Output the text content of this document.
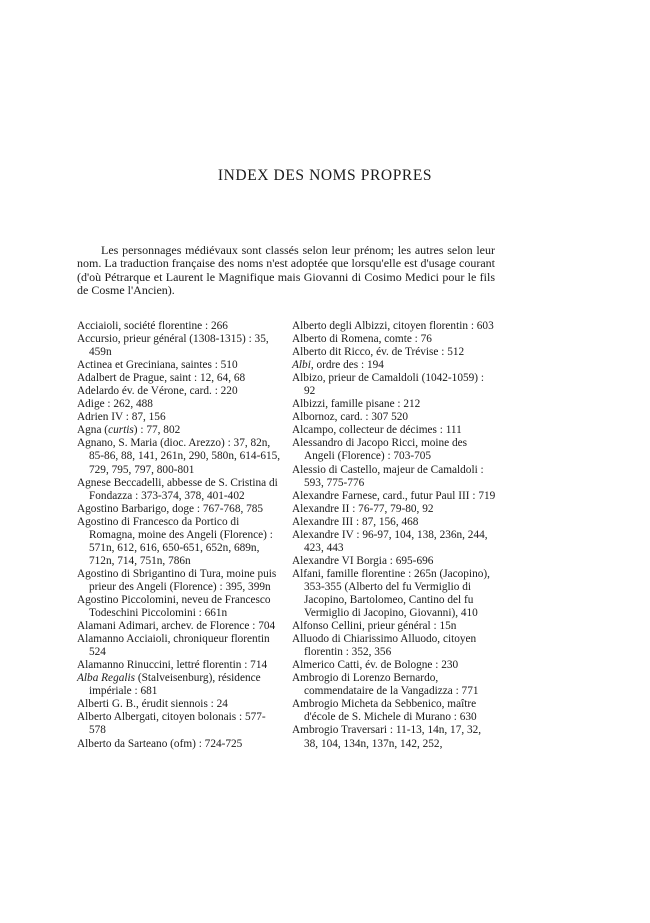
INDEX DES NOMS PROPRES

Les personnages médiévaux sont classés selon leur prénom; les autres selon leur nom. La traduction française des noms n'est adoptée que lorsqu'elle est d'usage courant (d'où Pétrarque et Laurent le Magnifique mais Giovanni di Cosimo Medici pour le fils de Cosme l'Ancien).

Acciaioli, société florentine : 266

Accursio, prieur général (1308-1315) : 35, 459n

Actinea et Greciniana, saintes : 510

Adalbert de Prague, saint : 12, 64, 68

Adelardo év. de Vérone, card. : 220

Adige : 262, 488

Adrien IV : 87, 156

Agna (curtis) : 77, 802

Agnano, S. Maria (dioc. Arezzo) : 37, 82n, 85-86, 88, 141, 261n, 290, 580n, 614-615, 729, 795, 797, 800-801

Agnese Beccadelli, abbesse de S. Cristina di Fondazza : 373-374, 378, 401-402

Agostino Barbarigo, doge : 767-768, 785

Agostino di Francesco da Portico di Romagna, moine des Angeli (Florence) : 571n, 612, 616, 650-651, 652n, 689n, 712n, 714, 751n, 786n

Agostino di Sbrigantino di Tura, moine puis prieur des Angeli (Florence) : 395, 399n

Agostino Piccolomini, neveu de Francesco Todeschini Piccolomini : 661n

Alamani Adimari, archev. de Florence : 704

Alamanno Acciaioli, chroniqueur florentin 524

Alamanno Rinuccini, lettré florentin : 714

Alba Regalis (Stalveisenburg), résidence impériale : 681

Alberti G. B., érudit siennois : 24

Alberto Albergati, citoyen bolonais : 577-578

Alberto da Sarteano (ofm) : 724-725

Alberto degli Albizzi, citoyen florentin : 603

Alberto di Romena, comte : 76

Alberto dit Ricco, év. de Trévise : 512

Albi, ordre des : 194

Albizo, prieur de Camaldoli (1042-1059) : 92

Albizzi, famille pisane : 212

Albornoz, card. : 307 520

Alcampo, collecteur de décimes : 111

Alessandro di Jacopo Ricci, moine des Angeli (Florence) : 703-705

Alessio di Castello, majeur de Camaldoli : 593, 775-776

Alexandre Farnese, card., futur Paul III : 719

Alexandre II : 76-77, 79-80, 92

Alexandre III : 87, 156, 468

Alexandre IV : 96-97, 104, 138, 236n, 244, 423, 443

Alexandre VI Borgia : 695-696

Alfani, famille florentine : 265n (Jacopino), 353-355 (Alberto del fu Vermiglio di Jacopino, Bartolomeo, Cantino del fu Vermiglio di Jacopino, Giovanni), 410

Alfonso Cellini, prieur général : 15n

Alluodo di Chiarissimo Alluodo, citoyen florentin : 352, 356

Almerico Catti, év. de Bologne : 230

Ambrogio di Lorenzo Bernardo, commendataire de la Vangadizza : 771

Ambrogio Micheta da Sebbenico, maître d'école de S. Michele di Murano : 630

Ambrogio Traversari : 11-13, 14n, 17, 32, 38, 104, 134n, 137n, 142, 252,
